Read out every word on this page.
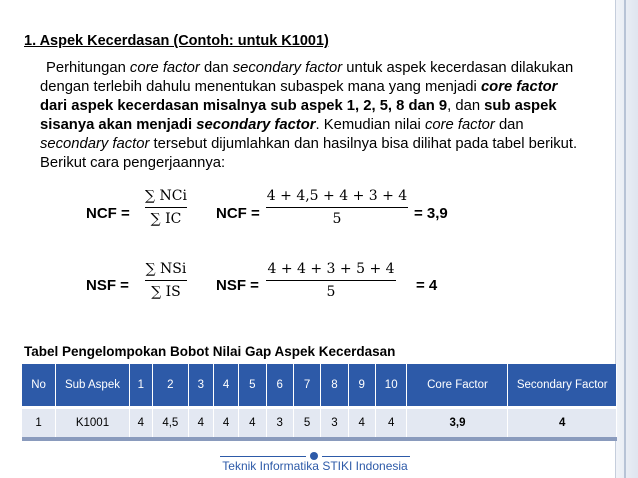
1. Aspek Kecerdasan (Contoh: untuk K1001)
Perhitungan core factor dan secondary factor untuk aspek kecerdasan dilakukan
dengan terlebih dahulu menentukan subaspek mana yang menjadi core factor
dari aspek kecerdasan misalnya sub aspek 1, 2, 5, 8 dan 9, dan sub aspek
sisanya akan menjadi secondary factor. Kemudian nilai core factor dan
secondary factor tersebut dijumlahkan dan hasilnya bisa dilihat pada tabel berikut.
Berikut cara pengerjaannya:
NCF =
∑ NCi
∑ IC	NCF =
4 + 4,5 + 4 + 3 + 4
5	= 3,9
NSF =
∑ NSi
∑ IS	NSF =
4 + 4 + 3 + 5 + 4
5	= 4
Tabel Pengelompokan Bobot Nilai Gap Aspek Kecerdasan
No	Sub Aspek	1	2	3	4	5	6	7	8	9	10	Core Factor	Secondary Factor
1	K1001	4	4,5	4	4	4	3	5	3	4	4	3,9	4
Teknik Informatika STIKI Indonesia
